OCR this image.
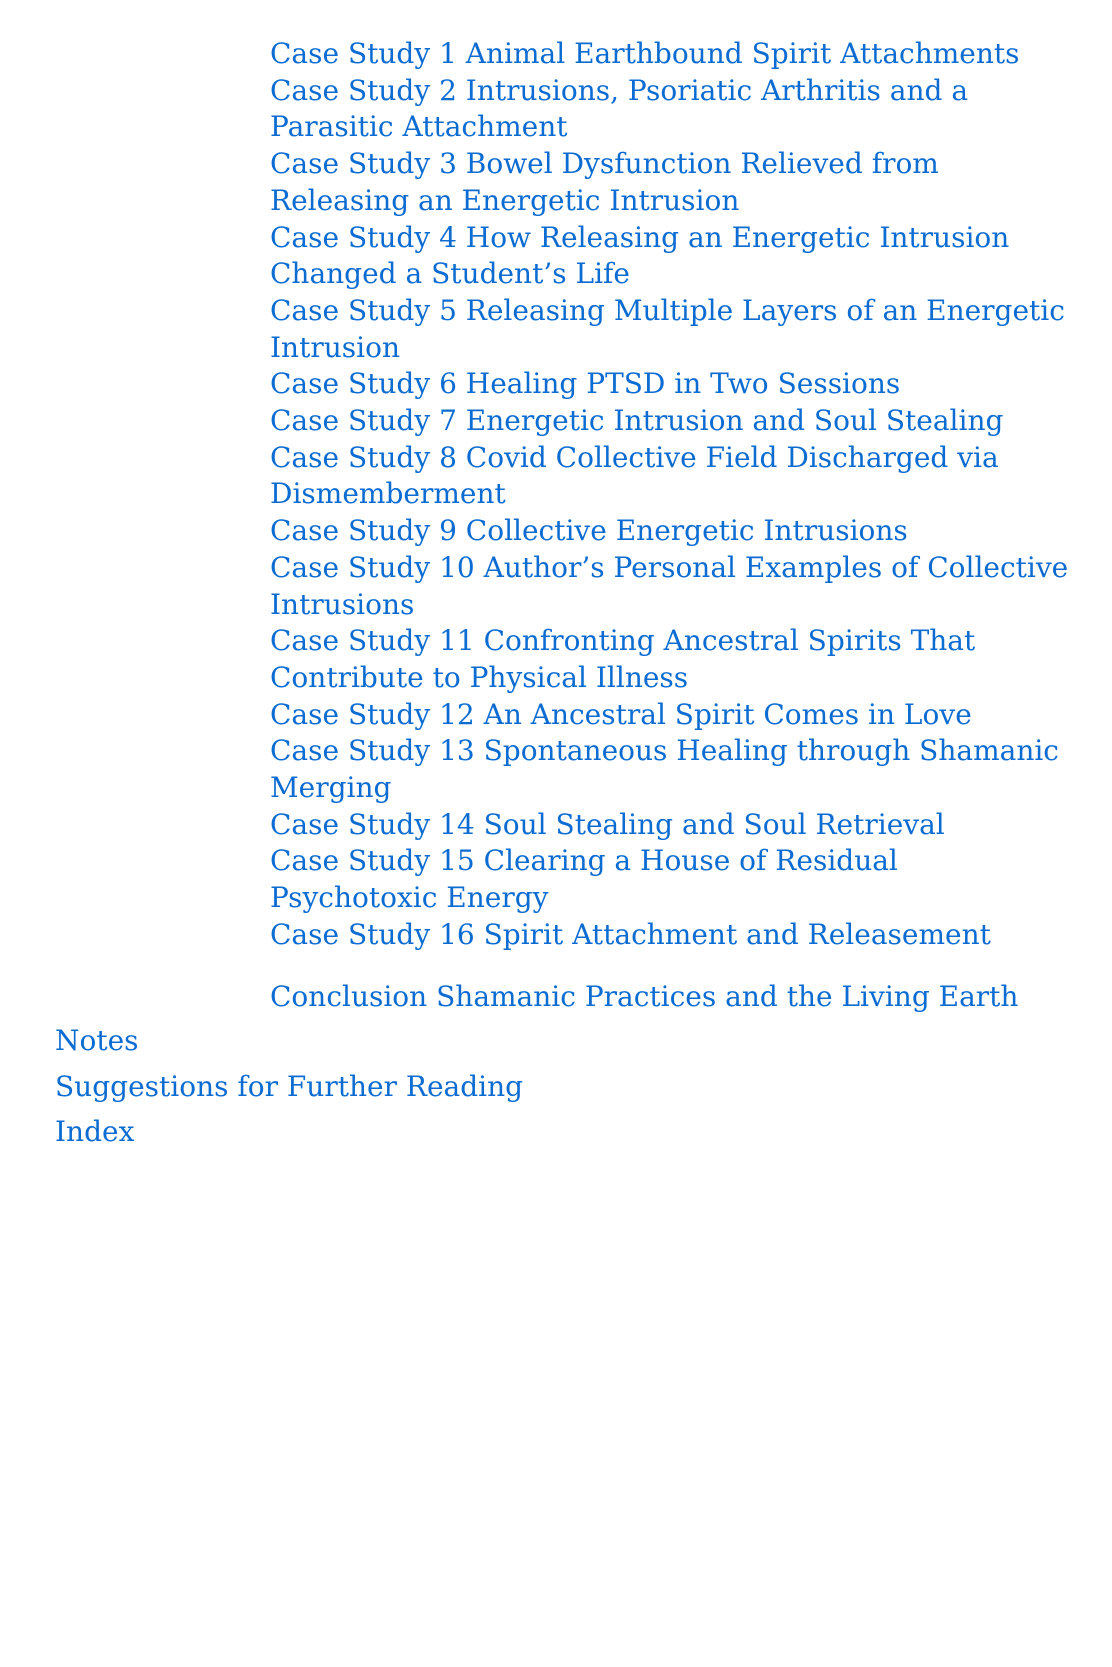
Case Study 1 Animal Earthbound Spirit Attachments
Case Study 2 Intrusions, Psoriatic Arthritis and a Parasitic Attachment
Case Study 3 Bowel Dysfunction Relieved from Releasing an Energetic Intrusion
Case Study 4 How Releasing an Energetic Intrusion Changed a Student’s Life
Case Study 5 Releasing Multiple Layers of an Energetic Intrusion
Case Study 6 Healing PTSD in Two Sessions
Case Study 7 Energetic Intrusion and Soul Stealing
Case Study 8 Covid Collective Field Discharged via Dismemberment
Case Study 9 Collective Energetic Intrusions
Case Study 10 Author’s Personal Examples of Collective Intrusions
Case Study 11 Confronting Ancestral Spirits That Contribute to Physical Illness
Case Study 12 An Ancestral Spirit Comes in Love
Case Study 13 Spontaneous Healing through Shamanic Merging
Case Study 14 Soul Stealing and Soul Retrieval
Case Study 15 Clearing a House of Residual Psychotoxic Energy
Case Study 16 Spirit Attachment and Releasement
Conclusion Shamanic Practices and the Living Earth
Notes
Suggestions for Further Reading
Index
